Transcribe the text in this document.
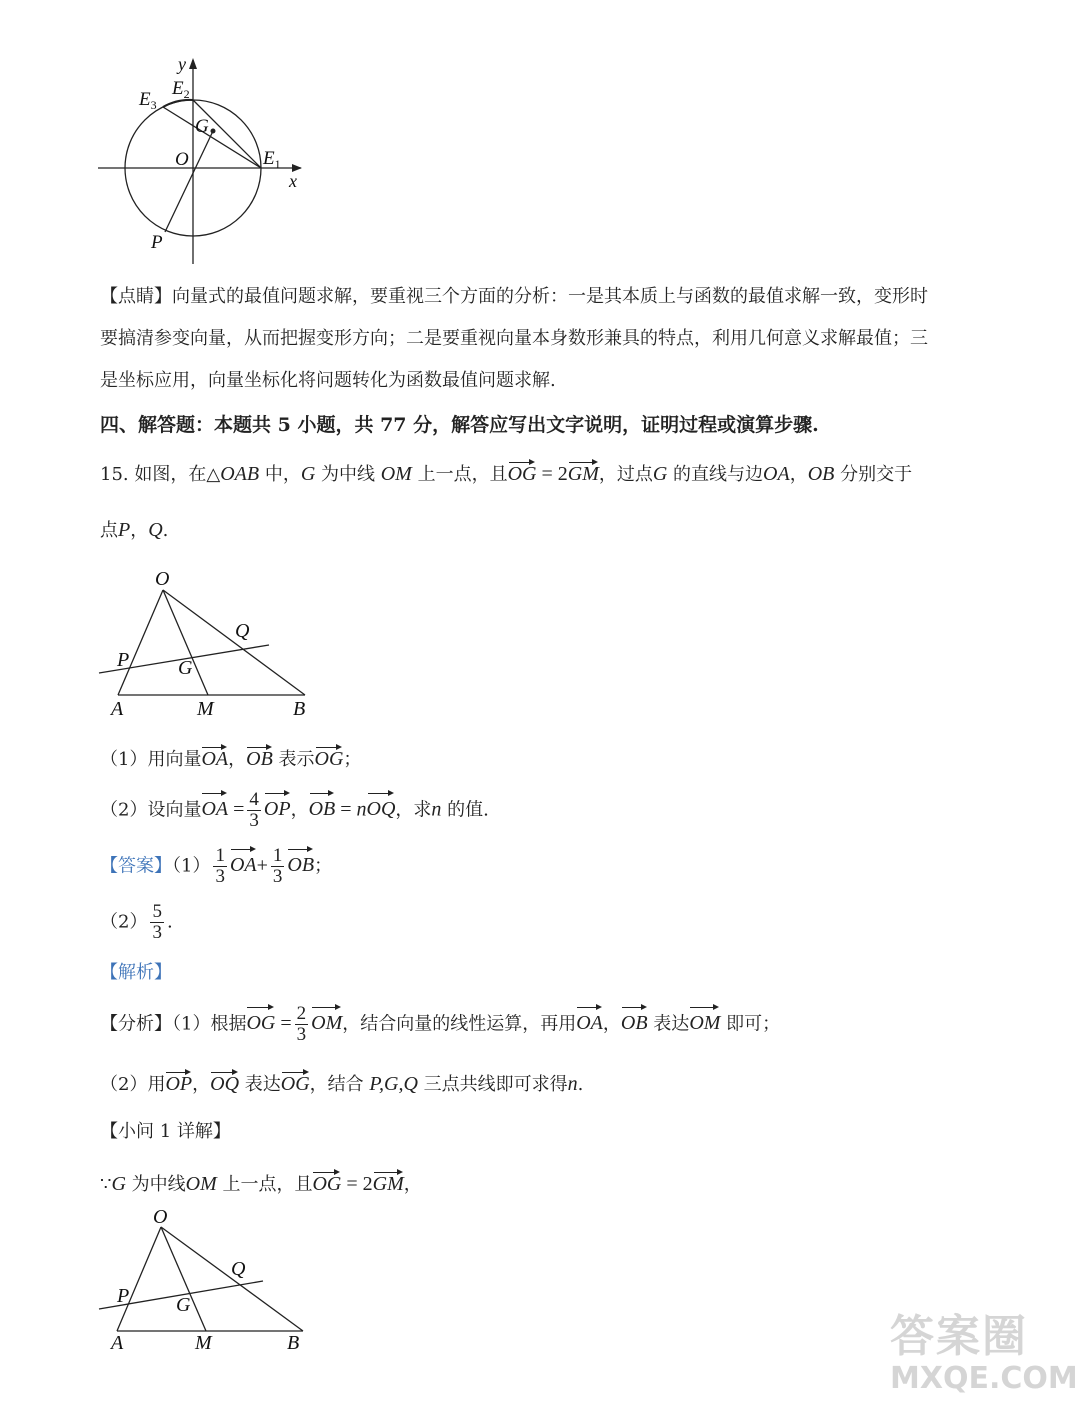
y
x
O
G
P
$E_1$
$E_2$
$E_3$
【点睛】向量式的最值问题求解，要重视三个方面的分析：一是其本质上与函数的最值求解一致，变形时
要搞清参变向量，从而把握变形方向；二是要重视向量本身数形兼具的特点，利用几何意义求解最值；三
是坐标应用，向量坐标化将问题转化为函数最值问题求解.
四、解答题：本题共 5 小题，共 77 分，解答应写出文字说明，证明过程或演算步骤.
15. 如图，在△OAB 中，G 为中线 OM 上一点，且OG = 2GM，过点G 的直线与边OA，OB 分别交于
点P，Q.
O
P
Q
G
A	M	B
（1）用向量OA，OB 表示OG；
（2）设向量OA = $\frac{4}{3}$ OP，OB = nOQ，求n 的值.
【答案】$(1) \frac{1}{3} OA+ \frac{1}{3}$ OB；
$(2) \frac{5}{3}$ .
【解析】
【分析】（1）根据OG = $\frac{2}{3}$ OM，结合向量的线性运算，再用OA，OB 表达OM 即可；
（2）用OP，OQ 表达OG，结合 P,G,Q 三点共线即可求得n.
【小问 1 详解】
∵G 为中线OM 上一点，且OG = 2GM，
O
P
Q
G
A	M	B	答案圈
MXQE.COM
